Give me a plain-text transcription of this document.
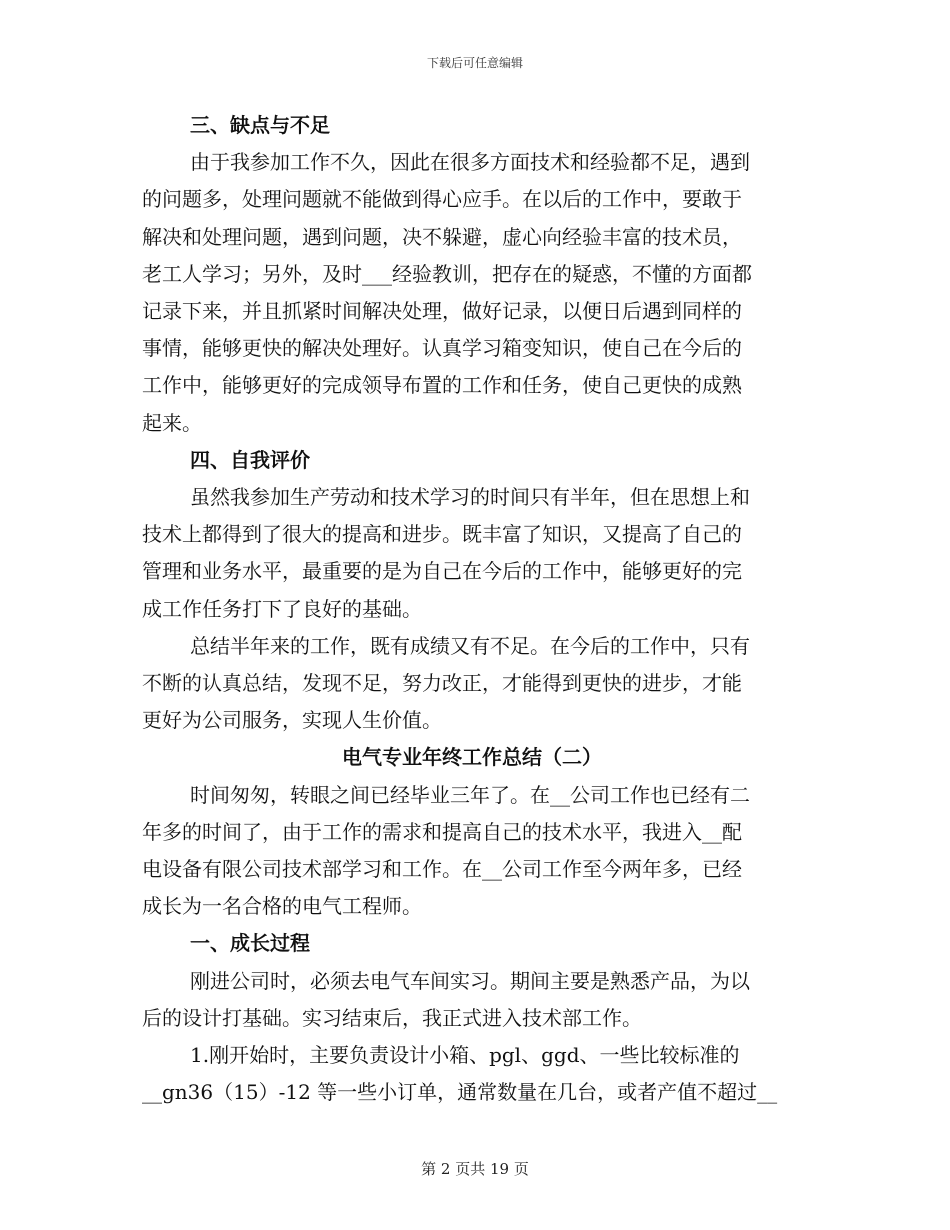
下载后可任意编辑

三、缺点与不足

由于我参加工作不久，因此在很多方面技术和经验都不足，遇到

的问题多，处理问题就不能做到得心应手。在以后的工作中，要敢于

解决和处理问题，遇到问题，决不躲避，虚心向经验丰富的技术员，

老工人学习；另外，及时___经验教训，把存在的疑惑，不懂的方面都

记录下来，并且抓紧时间解决处理，做好记录，以便日后遇到同样的

事情，能够更快的解决处理好。认真学习箱变知识，使自己在今后的

工作中，能够更好的完成领导布置的工作和任务，使自己更快的成熟

起来。

四、自我评价

虽然我参加生产劳动和技术学习的时间只有半年，但在思想上和

技术上都得到了很大的提高和进步。既丰富了知识，又提高了自己的

管理和业务水平，最重要的是为自己在今后的工作中，能够更好的完

成工作任务打下了良好的基础。

总结半年来的工作，既有成绩又有不足。在今后的工作中，只有

不断的认真总结，发现不足，努力改正，才能得到更快的进步，才能

更好为公司服务，实现人生价值。

电气专业年终工作总结（二）

时间匆匆，转眼之间已经毕业三年了。在__公司工作也已经有二

年多的时间了，由于工作的需求和提高自己的技术水平，我进入__配

电设备有限公司技术部学习和工作。在__公司工作至今两年多，已经

成长为一名合格的电气工程师。

一、成长过程

刚进公司时，必须去电气车间实习。期间主要是熟悉产品，为以

后的设计打基础。实习结束后，我正式进入技术部工作。

1.刚开始时，主要负责设计小箱、pgl、ggd、一些比较标准的

__gn36（15）-12 等一些小订单，通常数量在几台，或者产值不超过__

第 2 页共 19 页
